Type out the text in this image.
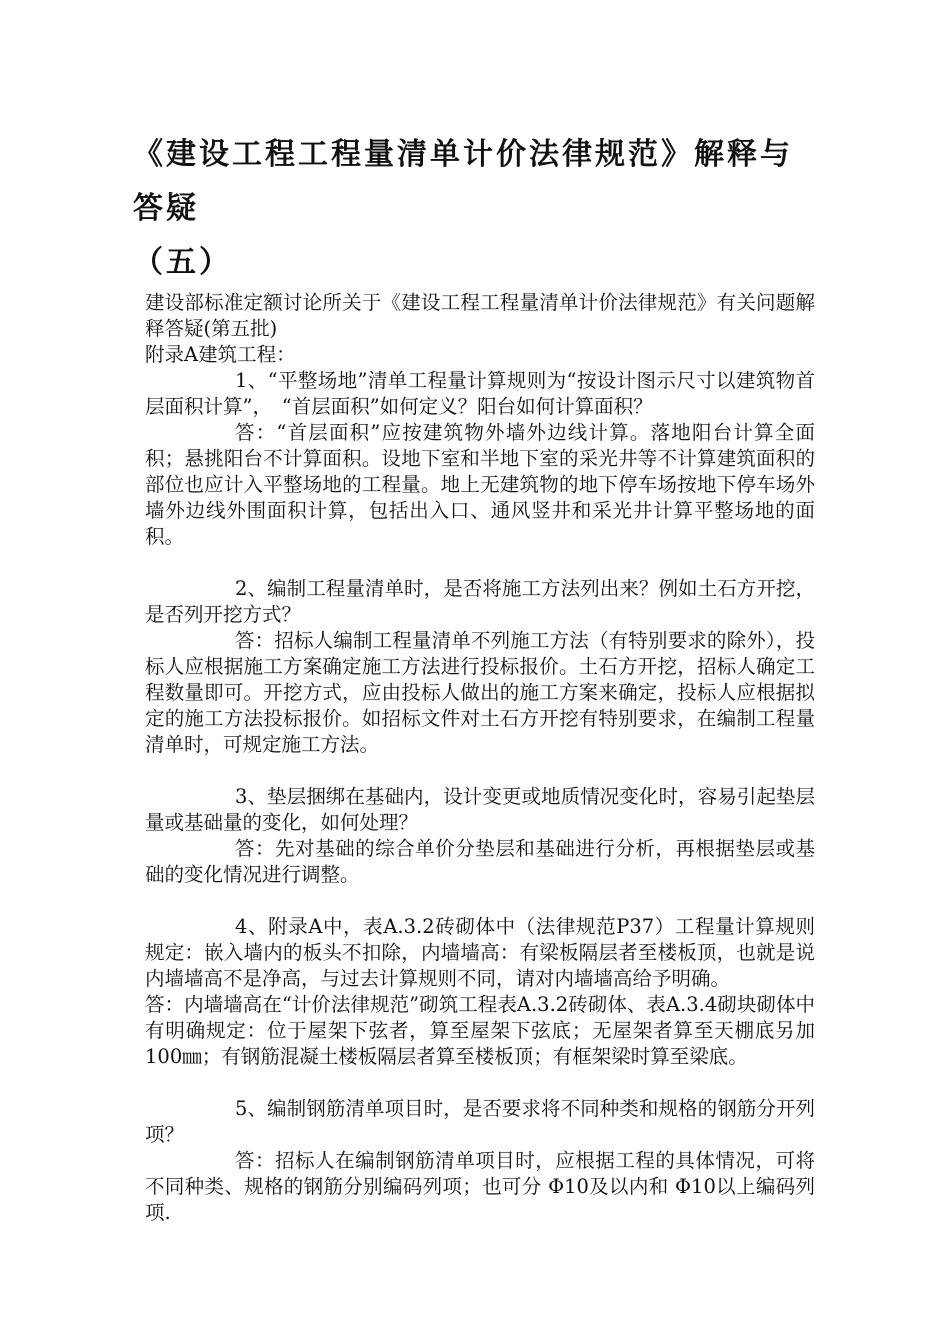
《建设工程工程量清单计价法律规范》解释与答疑
（五）

建设部标准定额讨论所关于《建设工程工程量清单计价法律规范》有关问题解释答疑(第五批)

附录A建筑工程：

1、“平整场地”清单工程量计算规则为“按设计图示尺寸以建筑物首层面积计算”，　“首层面积”如何定义？阳台如何计算面积？

答：“首层面积”应按建筑物外墙外边线计算。落地阳台计算全面积；悬挑阳台不计算面积。设地下室和半地下室的采光井等不计算建筑面积的部位也应计入平整场地的工程量。地上无建筑物的地下停车场按地下停车场外墙外边线外围面积计算，包括出入口、通风竖井和采光井计算平整场地的面积。

2、编制工程量清单时，是否将施工方法列出来？例如土石方开挖，是否列开挖方式？

答：招标人编制工程量清单不列施工方法（有特别要求的除外），投标人应根据施工方案确定施工方法进行投标报价。土石方开挖，招标人确定工程数量即可。开挖方式，应由投标人做出的施工方案来确定，投标人应根据拟定的施工方法投标报价。如招标文件对土石方开挖有特别要求，在编制工程量清单时，可规定施工方法。

3、垫层捆绑在基础内，设计变更或地质情况变化时，容易引起垫层量或基础量的变化，如何处理？

答：先对基础的综合单价分垫层和基础进行分析，再根据垫层或基础的变化情况进行调整。

4、附录A中，表A.3.2砖砌体中（法律规范P37）工程量计算规则规定：嵌入墙内的板头不扣除，内墙墙高：有梁板隔层者至楼板顶，也就是说内墙墙高不是净高，与过去计算规则不同，请对内墙墙高给予明确。

答：内墙墙高在“计价法律规范”砌筑工程表A.3.2砖砌体、表A.3.4砌块砌体中有明确规定：位于屋架下弦者，算至屋架下弦底；无屋架者算至天棚底另加100㎜；有钢筋混凝土楼板隔层者算至楼板顶；有框架梁时算至梁底。

5、编制钢筋清单项目时，是否要求将不同种类和规格的钢筋分开列项？

答：招标人在编制钢筋清单项目时，应根据工程的具体情况，可将不同种类、规格的钢筋分别编码列项；也可分 Φ10及以内和 Φ10以上编码列项.
